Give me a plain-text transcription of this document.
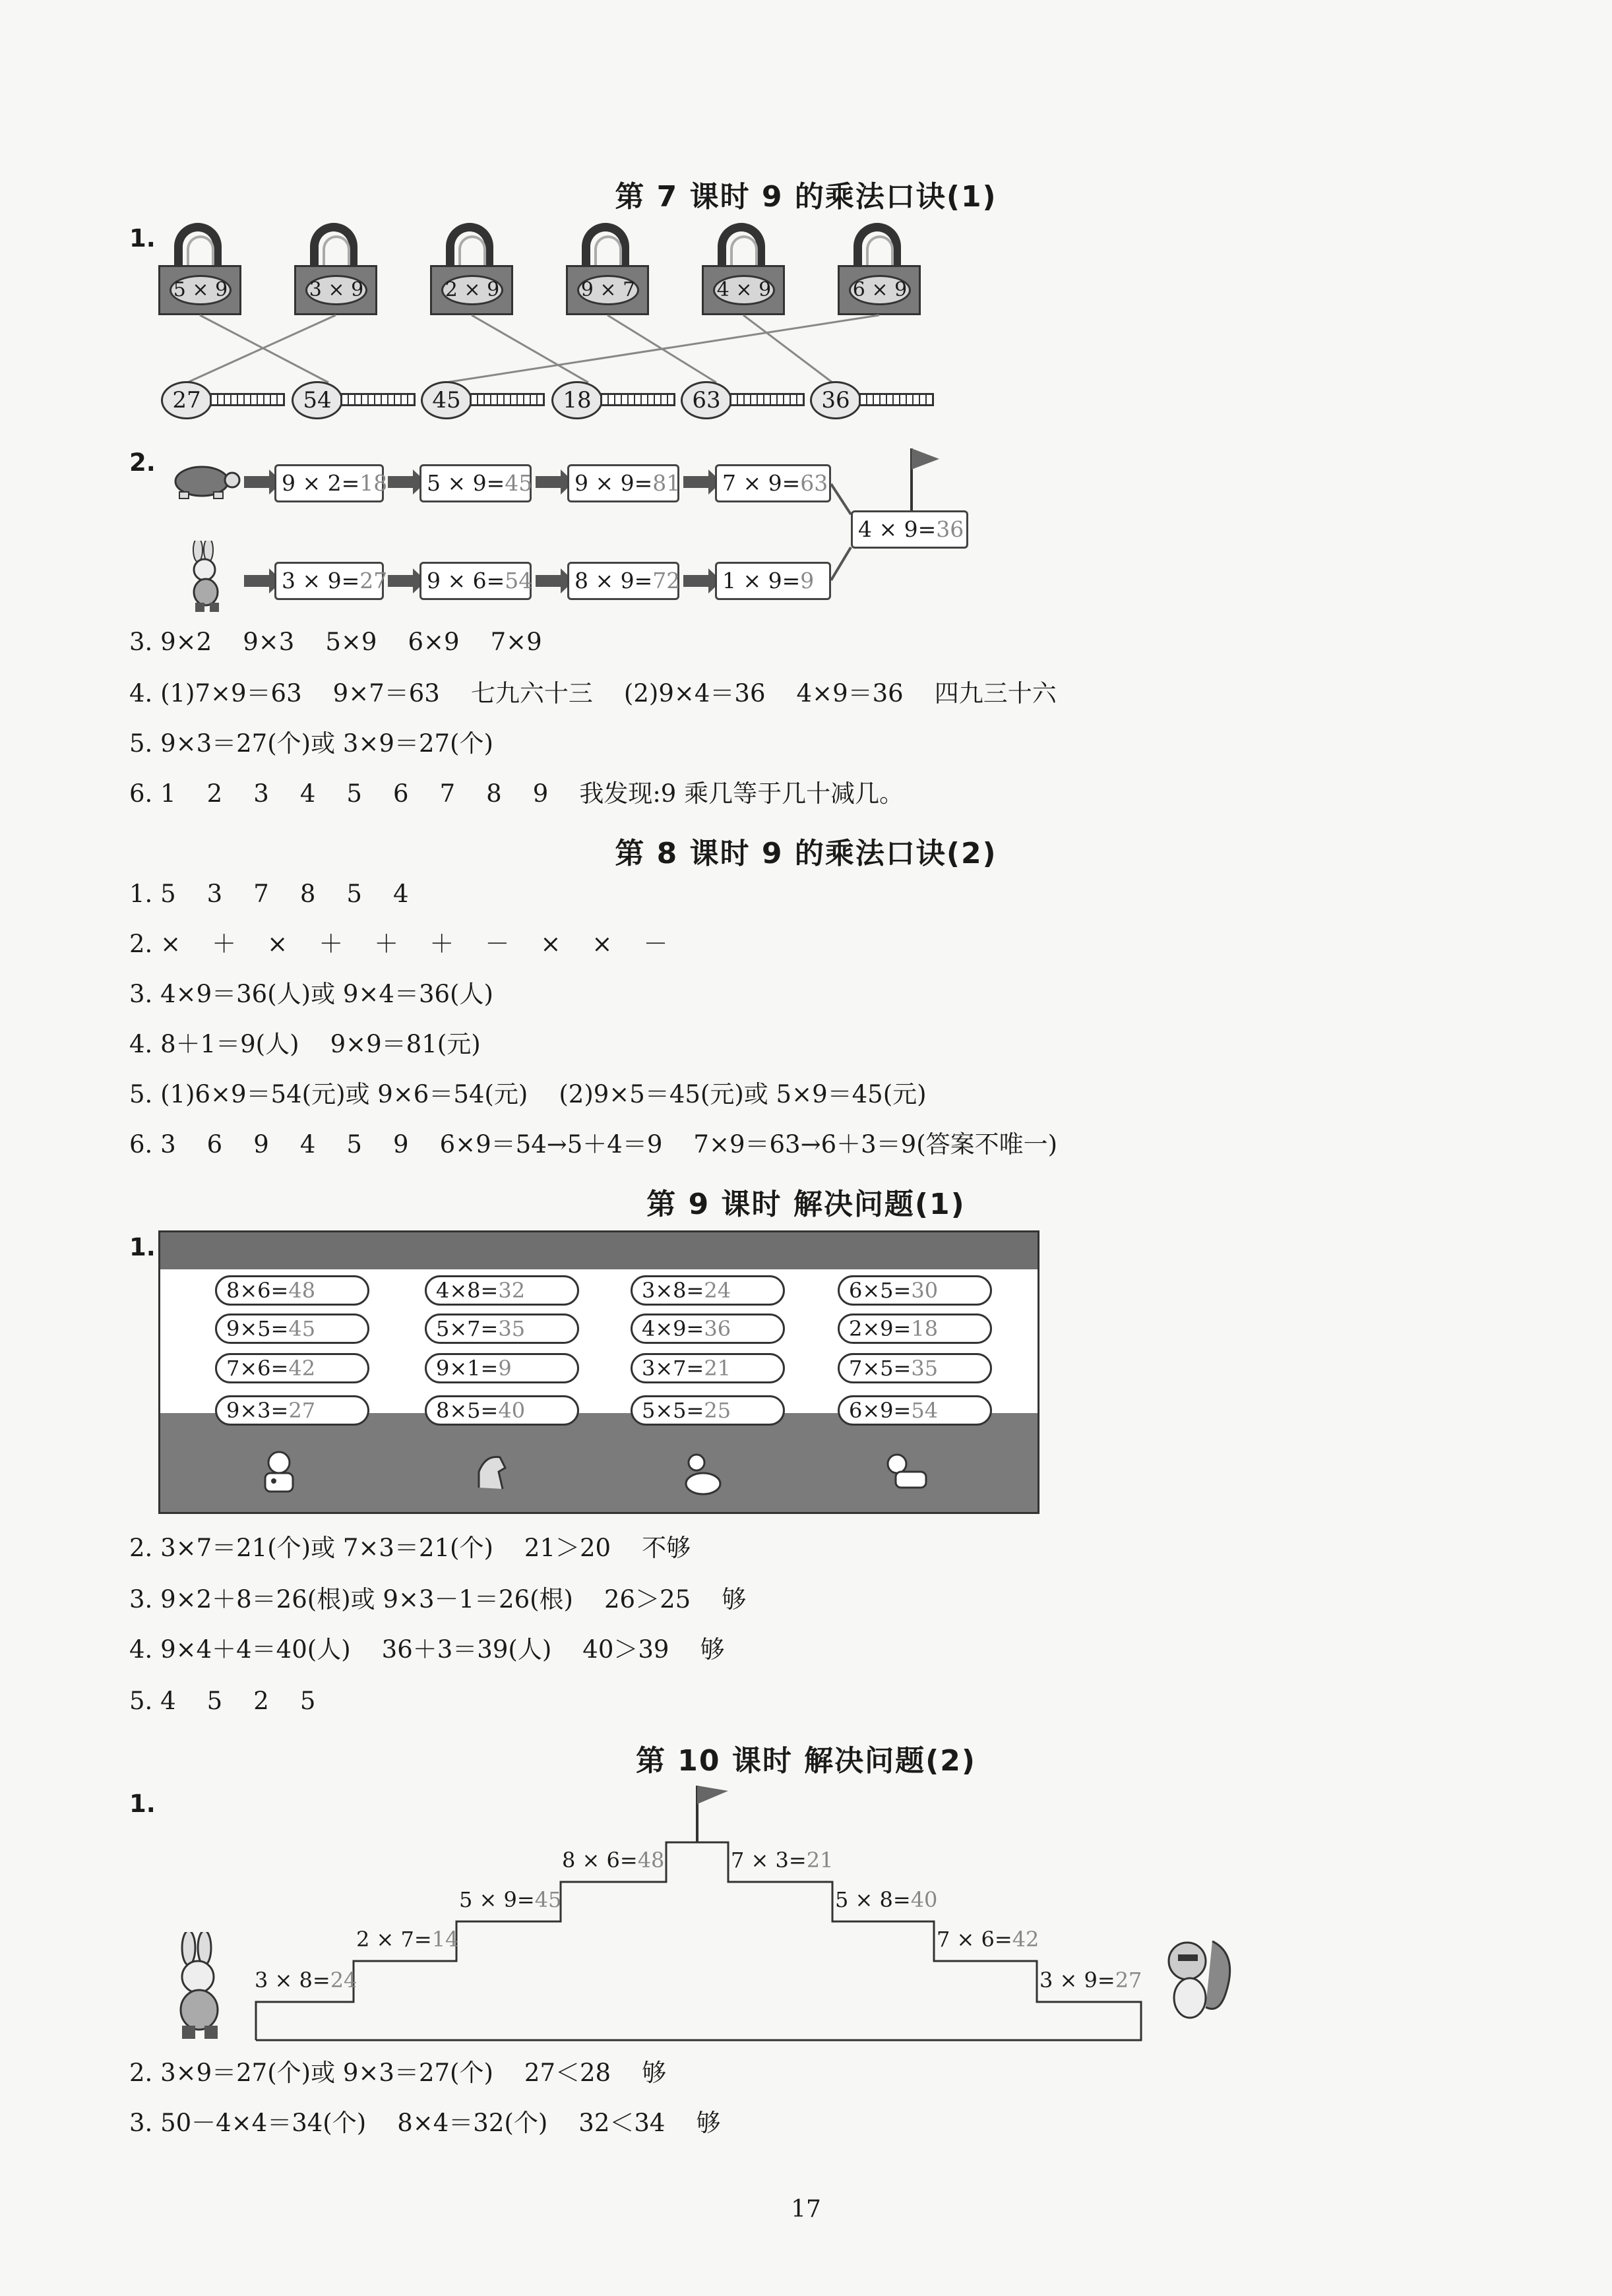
第 7 课时 9 的乘法口诀(1)
1.
5 × 9	3 × 9	2 × 9	9 × 7	4 × 9	6 × 9
27	54	45	18	63	36
2.
9 × 2=18	5 × 9=45	9 × 9=81	7 × 9=63
4 × 9=36
3 × 9=27	9 × 6=54	8 × 9=72	1 × 9=9
3. 9×2    9×3    5×9    6×9    7×9
4. (1)7×9＝63    9×7＝63    七九六十三    (2)9×4＝36    4×9＝36    四九三十六
5. 9×3＝27(个)或 3×9＝27(个)
6. 1    2    3    4    5    6    7    8    9    我发现:9 乘几等于几十减几。
第 8 课时 9 的乘法口诀(2)
1. 5    3    7    8    5    4
2. ×    ＋    ×    ＋    ＋    ＋    －    ×    ×    －
3. 4×9＝36(人)或 9×4＝36(人)
4. 8＋1＝9(人)    9×9＝81(元)
5. (1)6×9＝54(元)或 9×6＝54(元)    (2)9×5＝45(元)或 5×9＝45(元)
6. 3    6    9    4    5    9    6×9＝54→5＋4＝9    7×9＝63→6＋3＝9(答案不唯一)
第 9 课时 解决问题(1)
1.
8×6=48	4×8=32	3×8=24	6×5=30
9×5=45	5×7=35	4×9=36	2×9=18
7×6=42	9×1=9	3×7=21	7×5=35
9×3=27	8×5=40	5×5=25	6×9=54
2. 3×7＝21(个)或 7×3＝21(个)    21＞20    不够
3. 9×2＋8＝26(根)或 9×3－1＝26(根)    26＞25    够
4. 9×4＋4＝40(人)    36＋3＝39(人)    40＞39    够
5. 4    5    2    5
第 10 课时 解决问题(2)
1.
3 × 8=24
2 × 7=14
5 × 9=45
8 × 6=48	7 × 3=21
5 × 8=40
7 × 6=42
3 × 9=27
2. 3×9＝27(个)或 9×3＝27(个)    27＜28    够
3. 50－4×4＝34(个)    8×4＝32(个)    32＜34    够
17
